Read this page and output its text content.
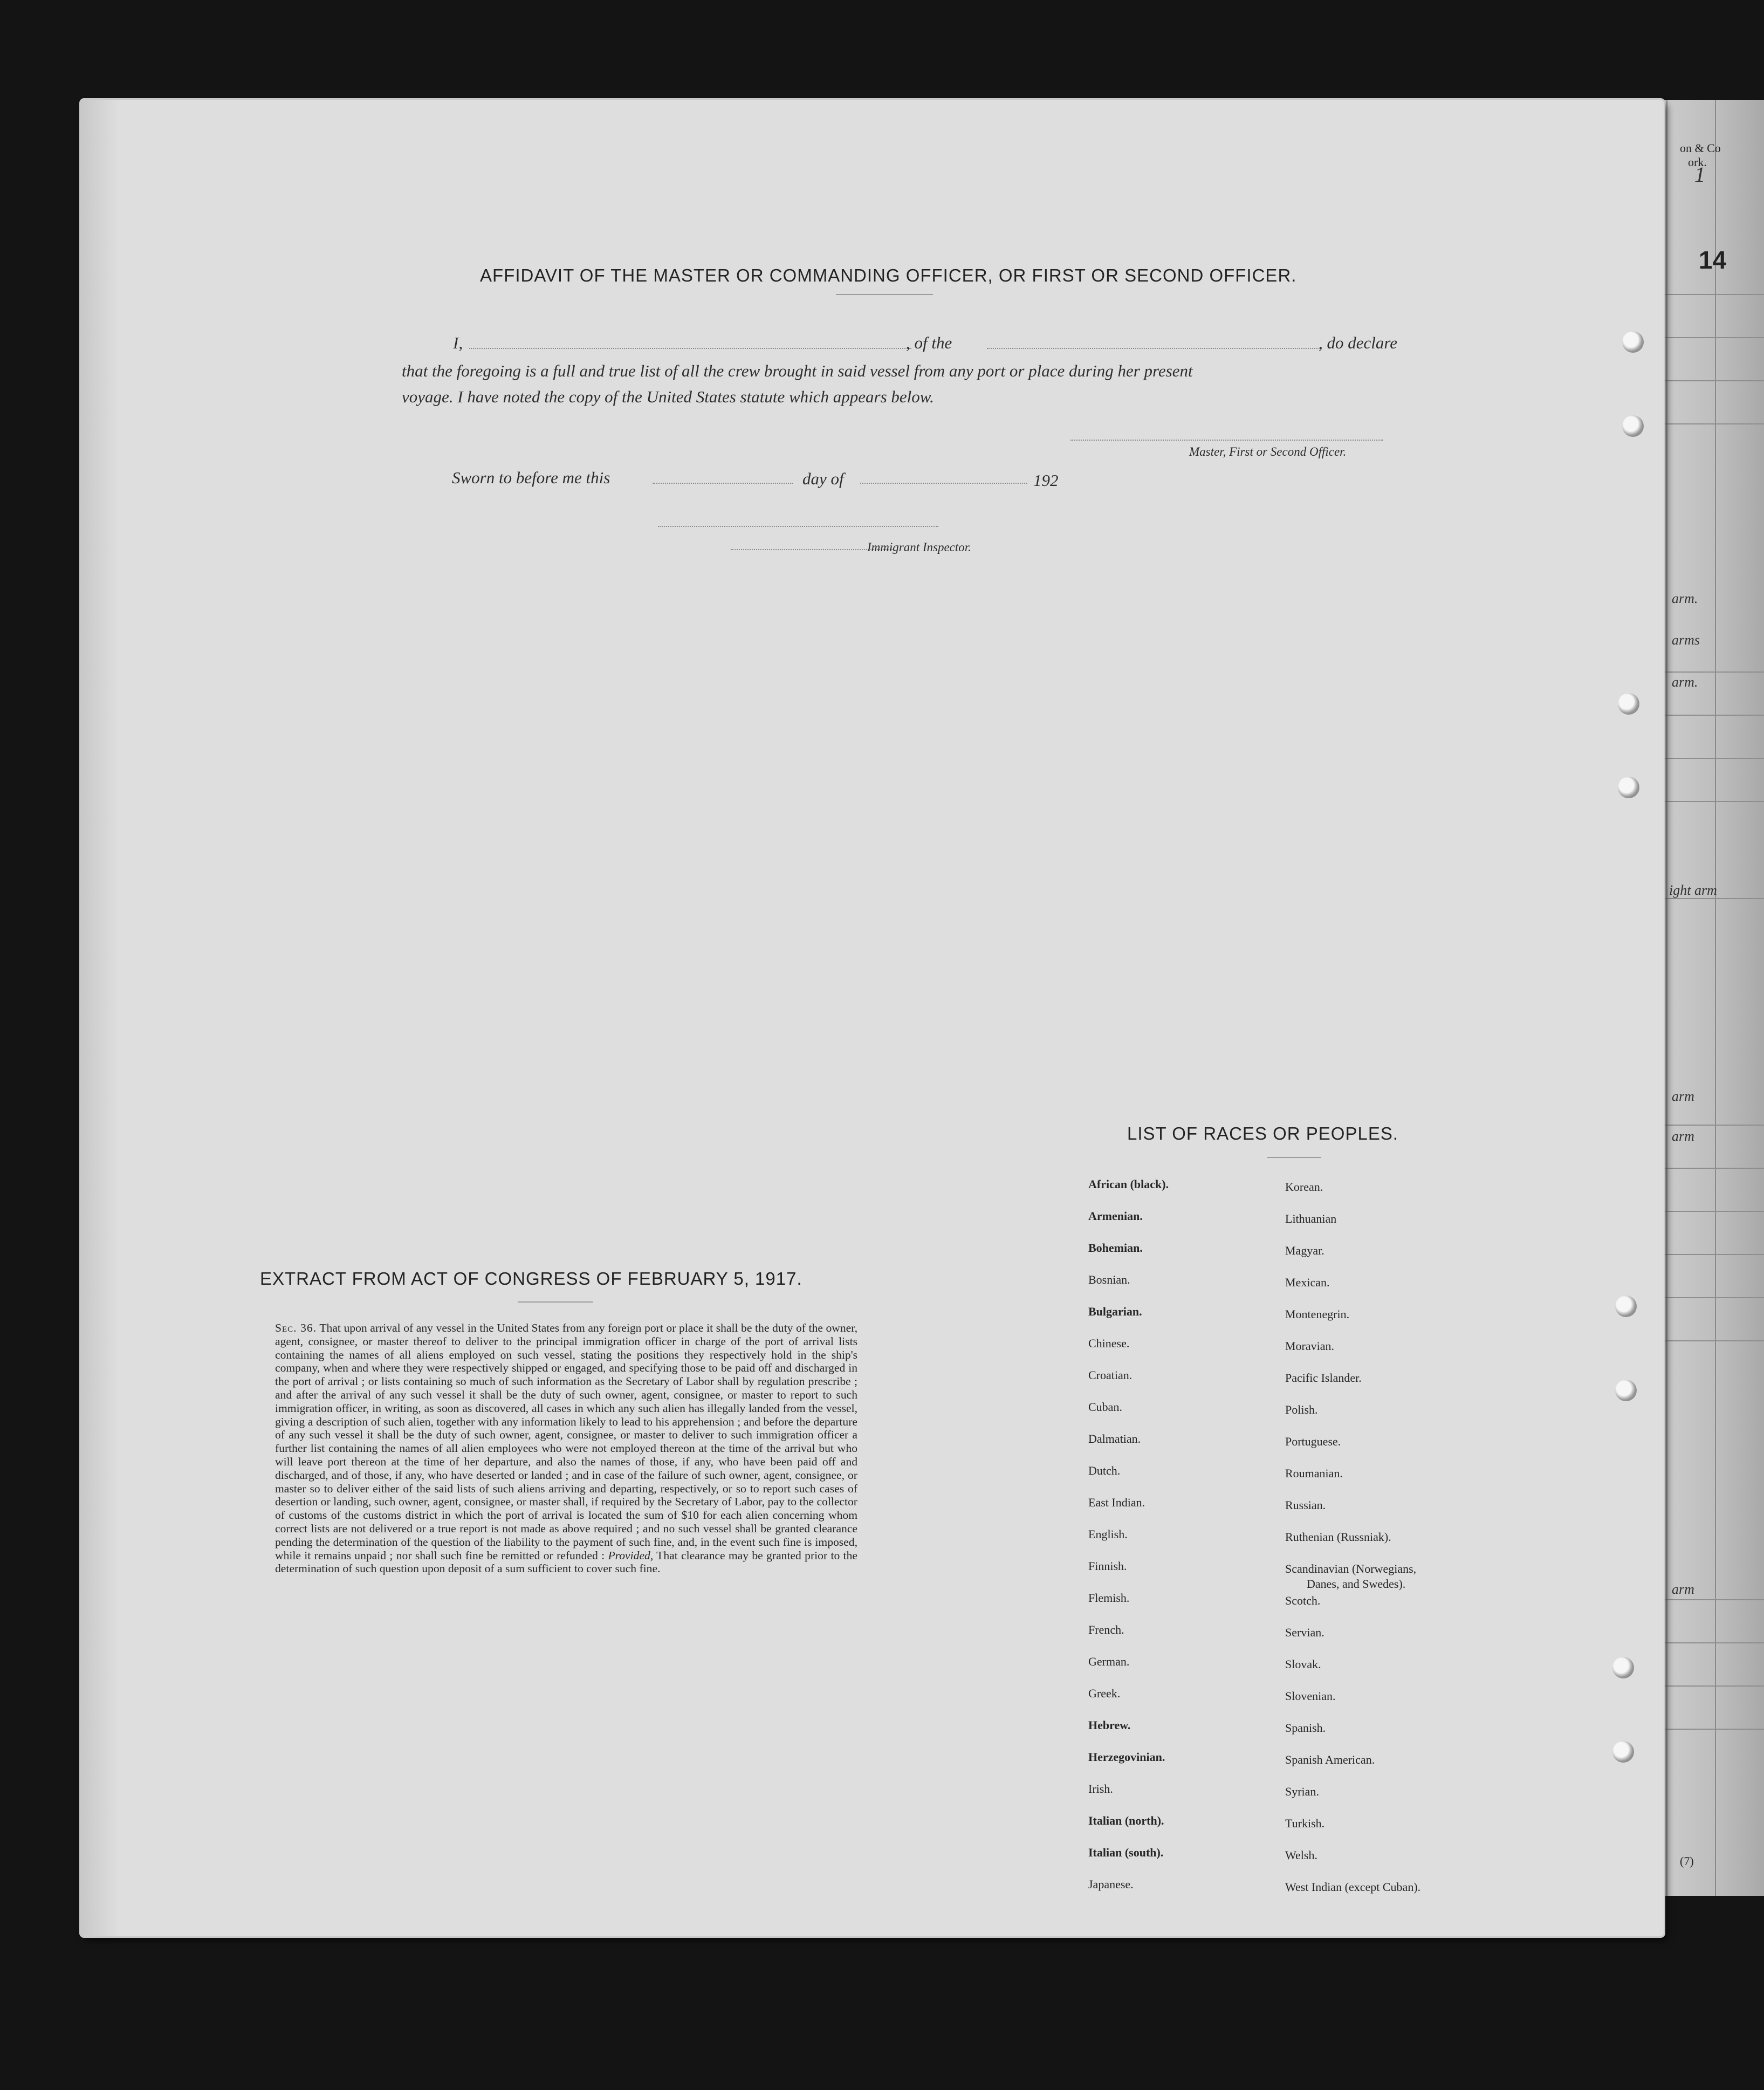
on & Co
ork.
1
14
arm.
arms
arm.
ight arm
arm
arm
arm
(7)

AFFIDAVIT OF THE MASTER OR COMMANDING OFFICER, OR FIRST OR SECOND OFFICER.
I,	, of the	, do declare
that the foregoing is a full and true list of all the crew brought in said vessel from any port or place during her present
voyage. I have noted the copy of the United States statute which appears below.
Master, First or Second Officer.
Sworn to before me this	day of	192
Immigrant Inspector.
LIST OF RACES OR PEOPLES.
African (black).
Armenian.
Bohemian.
Bosnian.
Bulgarian.
Chinese.
Croatian.
Cuban.
Dalmatian.
Dutch.
East Indian.
English.
Finnish.
Flemish.
French.
German.
Greek.
Hebrew.
Herzegovinian.
Irish.
Italian (north).
Italian (south).
Japanese.
Korean.
Lithuanian
Magyar.
Mexican.
Montenegrin.
Moravian.
Pacific Islander.
Polish.
Portuguese.
Roumanian.
Russian.
Ruthenian (Russniak).
Scandinavian (Norwegians,
Danes, and Swedes).
Scotch.
Servian.
Slovak.
Slovenian.
Spanish.
Spanish American.
Syrian.
Turkish.
Welsh.
West Indian (except Cuban).
EXTRACT FROM ACT OF CONGRESS OF FEBRUARY 5, 1917.
Sec. 36. That upon arrival of any vessel in the United States from any foreign port or place it shall be the duty of the owner, agent, consignee, or master thereof to deliver to the principal immigration officer in charge of the port of arrival lists containing the names of all aliens employed on such vessel, stating the positions they respectively hold in the ship's company, when and where they were respectively shipped or engaged, and specifying those to be paid off and discharged in the port of arrival ; or lists containing so much of such information as the Secretary of Labor shall by regulation prescribe ; and after the arrival of any such vessel it shall be the duty of such owner, agent, consignee, or master to report to such immigration officer, in writing, as soon as discovered, all cases in which any such alien has illegally landed from the vessel, giving a description of such alien, together with any information likely to lead to his apprehension ; and before the departure of any such vessel it shall be the duty of such owner, agent, consignee, or master to deliver to such immigration officer a further list containing the names of all alien employees who were not employed thereon at the time of the arrival but who will leave port thereon at the time of her departure, and also the names of those, if any, who have been paid off and discharged, and of those, if any, who have deserted or landed ; and in case of the failure of such owner, agent, consignee, or master so to deliver either of the said lists of such aliens arriving and departing, respectively, or so to report such cases of desertion or landing, such owner, agent, consignee, or master shall, if required by the Secretary of Labor, pay to the collector of customs of the customs district in which the port of arrival is located the sum of $10 for each alien concerning whom correct lists are not delivered or a true report is not made as above required ; and no such vessel shall be granted clearance pending the determination of the question of the liability to the payment of such fine, and, in the event such fine is imposed, while it remains unpaid ; nor shall such fine be remitted or refunded : Provided, That clearance may be granted prior to the determination of such question upon deposit of a sum sufficient to cover such fine.
